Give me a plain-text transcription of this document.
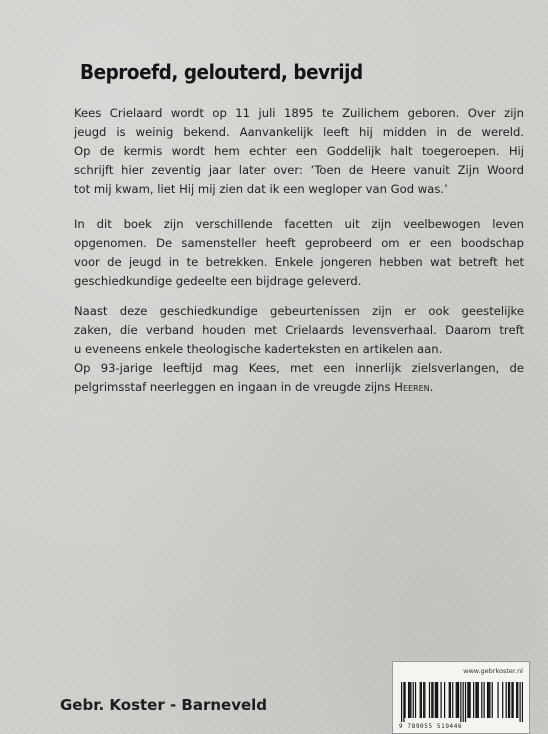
Beproefd, gelouterd, bevrijd

Kees Crielaard wordt op 11 juli 1895 te Zuilichem geboren. Over zijn
jeugd is weinig bekend. Aanvankelijk leeft hij midden in de wereld.
Op de kermis wordt hem echter een Goddelijk halt toegeroepen. Hij
schrijft hier zeventig jaar later over: ‘Toen de Heere vanuit Zijn Woord
tot mij kwam, liet Hij mij zien dat ik een wegloper van God was.’

In dit boek zijn verschillende facetten uit zijn veelbewogen leven
opgenomen. De samensteller heeft geprobeerd om er een boodschap
voor de jeugd in te betrekken. Enkele jongeren hebben wat betreft het
geschiedkundige gedeelte een bijdrage geleverd.

Naast deze geschiedkundige gebeurtenissen zijn er ook geestelijke
zaken, die verband houden met Crielaards levensverhaal. Daarom treft
u eveneens enkele theologische kaderteksten en artikelen aan.
Op 93-jarige leeftijd mag Kees, met een innerlijk zielsverlangen, de
pelgrimsstaf neerleggen en ingaan in de vreugde zijns Heeren.

Gebr. Koster - Barneveld
www.gebrkoster.nl
9 789055 519446
